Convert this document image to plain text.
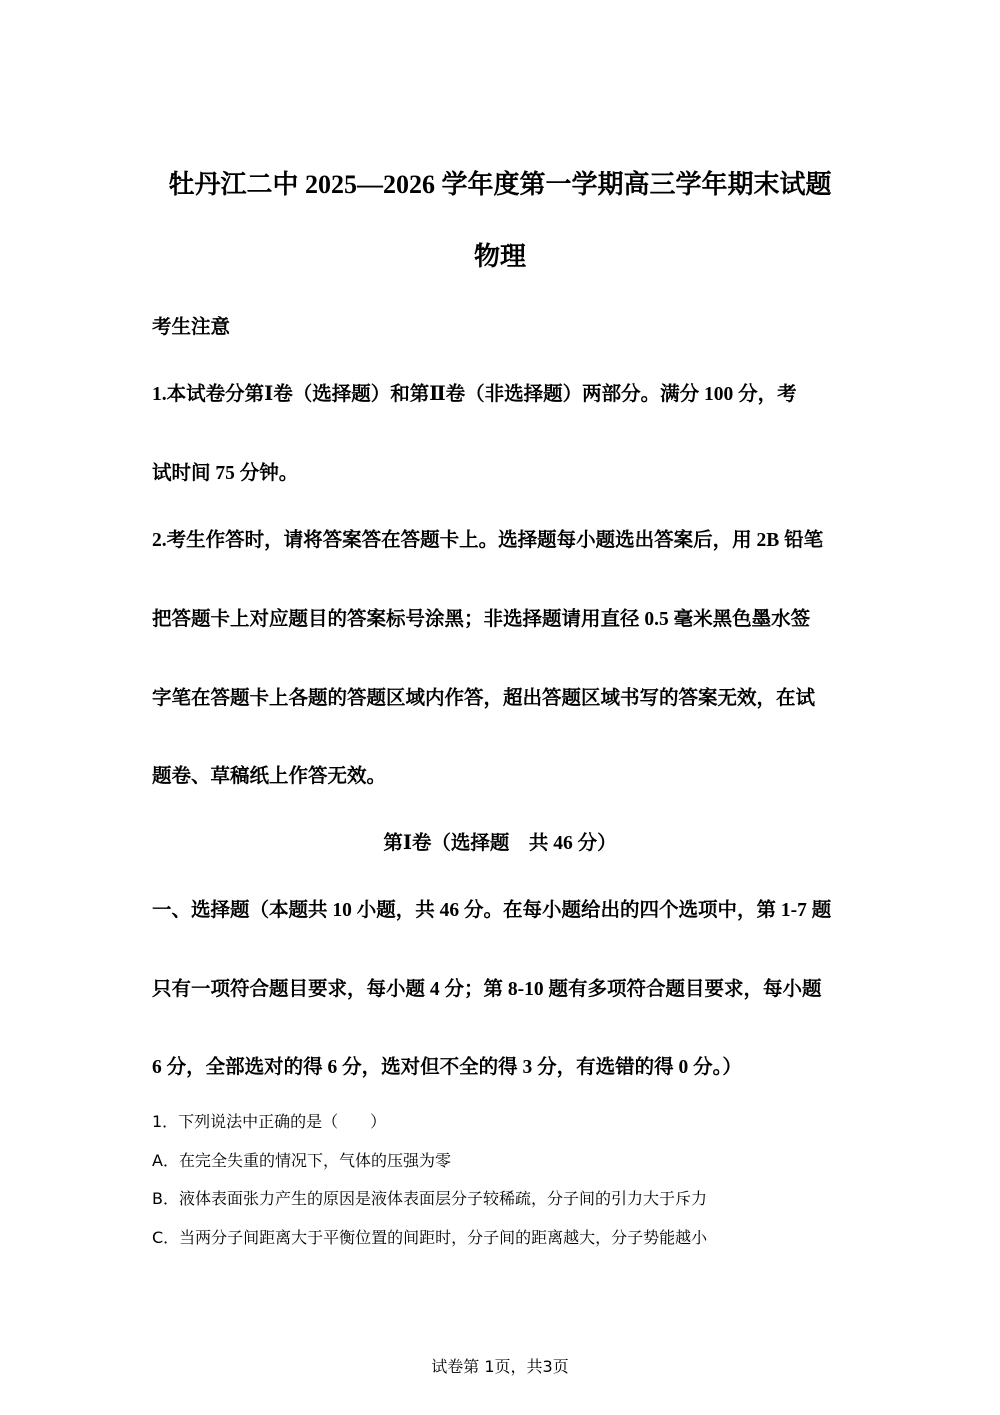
牡丹江二中 2025—2026 学年度第一学期高三学年期末试题
物理
考生注意
1.本试卷分第Ⅰ卷（选择题）和第Ⅱ卷（非选择题）两部分。满分 100 分，考
试时间 75 分钟。
2.考生作答时，请将答案答在答题卡上。选择题每小题选出答案后，用 2B 铅笔
把答题卡上对应题目的答案标号涂黑；非选择题请用直径 0.5 毫米黑色墨水签
字笔在答题卡上各题的答题区域内作答，超出答题区域书写的答案无效，在试
题卷、草稿纸上作答无效。
第Ⅰ卷（选择题　共 46 分）
一、选择题（本题共 10 小题，共 46 分。在每小题给出的四个选项中，第 1-7 题
只有一项符合题目要求，每小题 4 分；第 8-10 题有多项符合题目要求，每小题
6 分，全部选对的得 6 分，选对但不全的得 3 分，有选错的得 0 分。）
1．下列说法中正确的是（　　）
A．在完全失重的情况下，气体的压强为零
B．液体表面张力产生的原因是液体表面层分子较稀疏，分子间的引力大于斥力
C．当两分子间距离大于平衡位置的间距时，分子间的距离越大，分子势能越小
试卷第 1页，共3页
